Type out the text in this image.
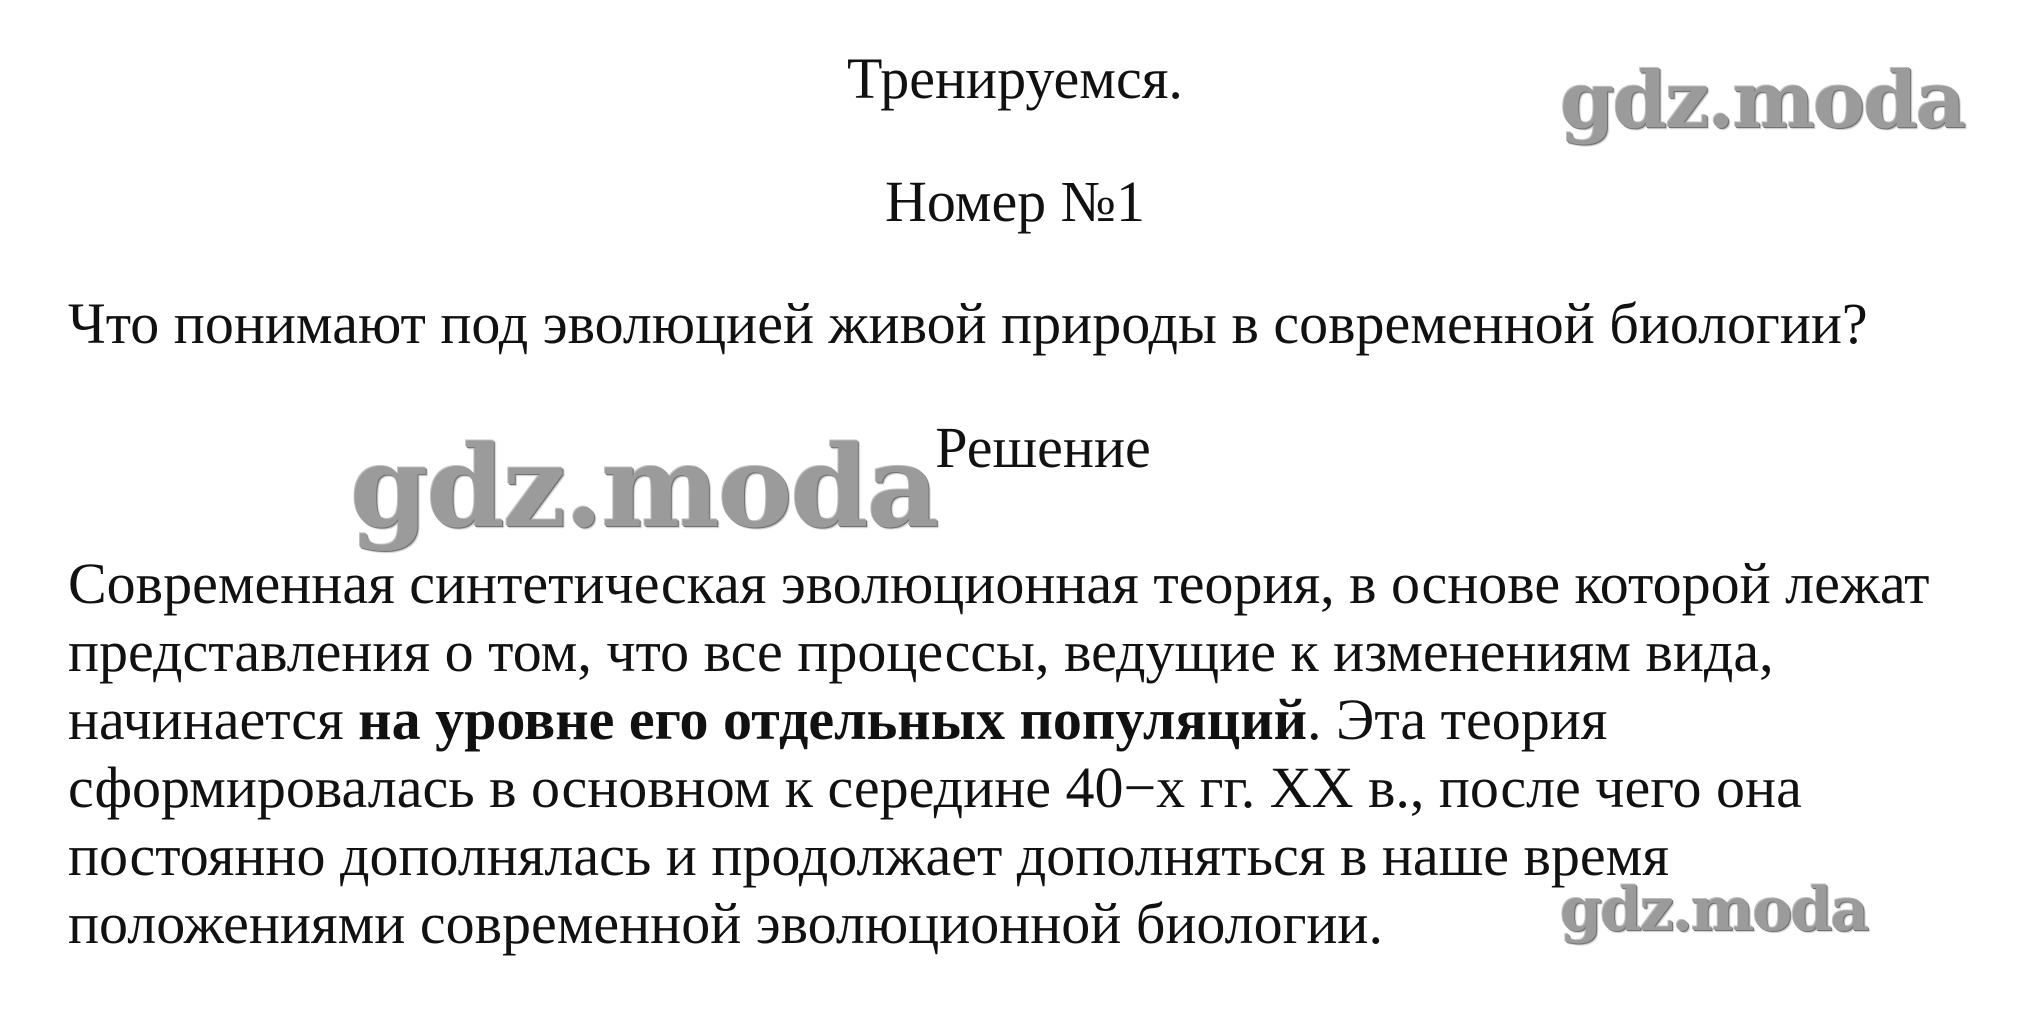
Тренируемся.
Номер №1

Что понимают под эволюцией живой природы в современной биологии?

Решение
Современная синтетическая эволюционная теория, в основе которой лежат
представления о том, что все процессы, ведущие к изменениям вида,
начинается на уровне его отдельных популяций. Эта теория
сформировалась в основном к середине 40−х гг. XX в., после чего она
постоянно дополнялась и продолжает дополняться в наше время
положениями современной эволюционной биологии.
gdz.moda
gdz.moda
gdz.moda
